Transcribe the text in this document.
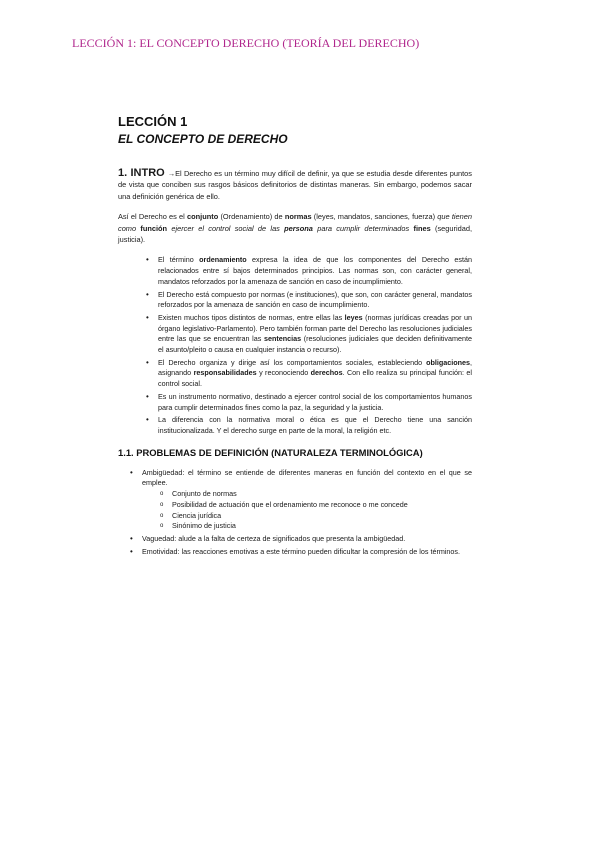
LECCIÓN 1: EL CONCEPTO DERECHO (TEORÍA DEL DERECHO)
LECCIÓN 1
EL CONCEPTO DE DERECHO

1. INTRO →El Derecho es un término muy difícil de definir, ya que se estudia desde diferentes puntos de vista que conciben sus rasgos básicos definitorios de distintas maneras. Sin embargo, podemos sacar una definición genérica de ello.

Así el Derecho es el conjunto (Ordenamiento) de normas (leyes, mandatos, sanciones, fuerza) que tienen como función ejercer el control social de las persona para cumplir determinados fines (seguridad, justicia).

• El término ordenamiento expresa la idea de que los componentes del Derecho están relacionados entre sí bajos determinados principios. Las normas son, con carácter general, mandatos reforzados por la amenaza de sanción en caso de incumplimiento.
• El Derecho está compuesto por normas (e instituciones), que son, con carácter general, mandatos reforzados por la amenaza de sanción en caso de incumplimiento.
• Existen muchos tipos distintos de normas, entre ellas las leyes (normas jurídicas creadas por un órgano legislativo-Parlamento). Pero también forman parte del Derecho las resoluciones judiciales entre las que se encuentran las sentencias (resoluciones judiciales que deciden definitivamente el asunto/pleito o causa en cualquier instancia o recurso).
• El Derecho organiza y dirige así los comportamientos sociales, estableciendo obligaciones, asignando responsabilidades y reconociendo derechos. Con ello realiza su principal función: el control social.
• Es un instrumento normativo, destinado a ejercer control social de los comportamientos humanos para cumplir determinados fines como la paz, la seguridad y la justicia.
• La diferencia con la normativa moral o ética es que el Derecho tiene una sanción institucionalizada. Y el derecho surge en parte de la moral, la religión etc.
1.1. PROBLEMAS DE DEFINICIÓN (NATURALEZA TERMINOLÓGICA)
• Ambigüedad: el término se entiende de diferentes maneras en función del contexto en el que se emplee.
o Conjunto de normas
o Posibilidad de actuación que el ordenamiento me reconoce o me concede
o Ciencia jurídica
o Sinónimo de justicia
• Vaguedad: alude a la falta de certeza de significados que presenta la ambigüedad.
• Emotividad: las reacciones emotivas a este término pueden dificultar la compresión de los términos.
